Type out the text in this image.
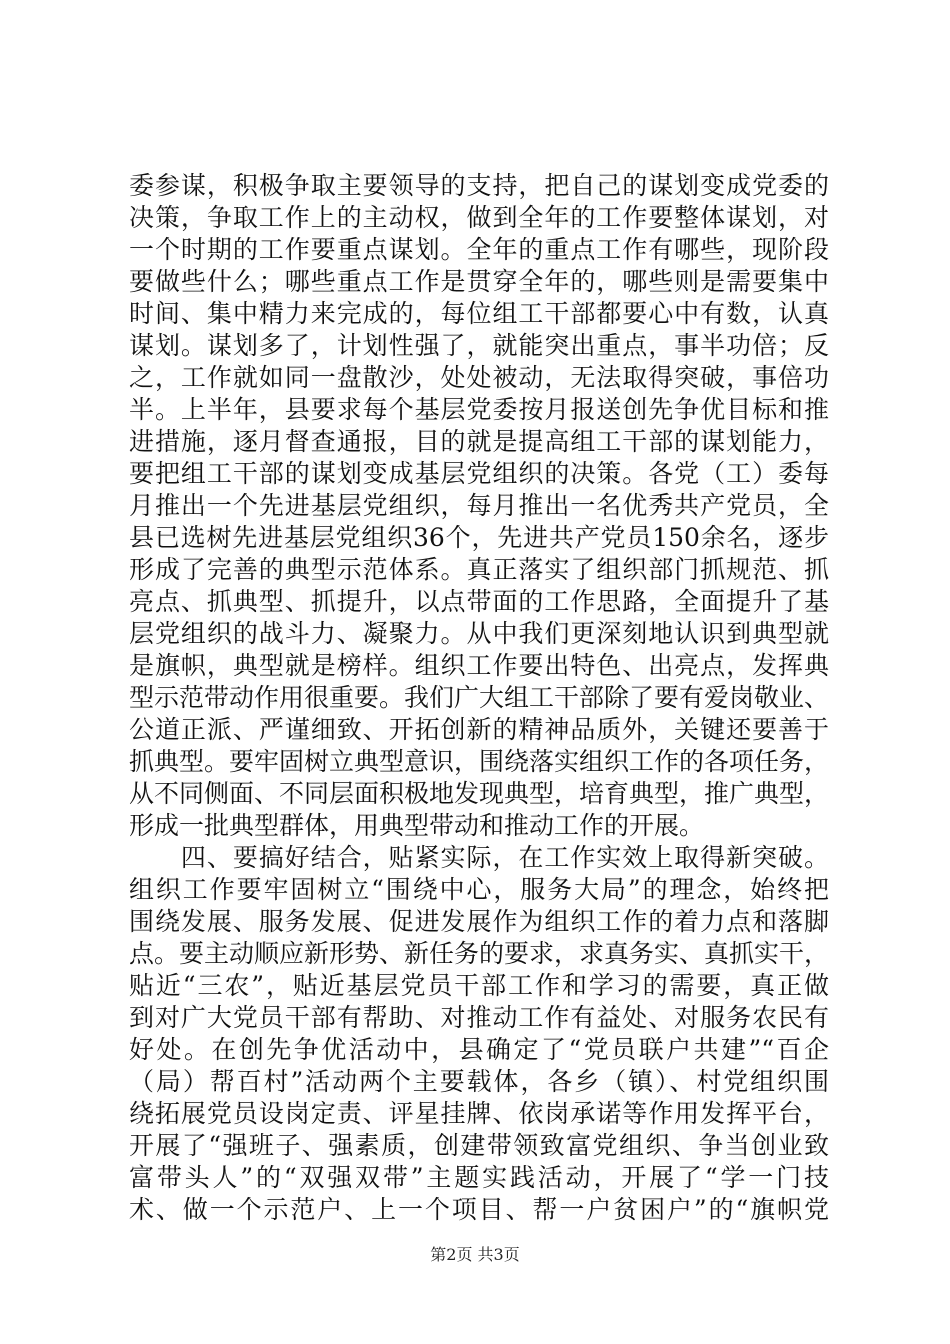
委参谋，积极争取主要领导的支持，把自己的谋划变成党委的
决策，争取工作上的主动权，做到全年的工作要整体谋划，对
一个时期的工作要重点谋划。全年的重点工作有哪些，现阶段
要做些什么；哪些重点工作是贯穿全年的，哪些则是需要集中
时间、集中精力来完成的，每位组工干部都要心中有数，认真
谋划。谋划多了，计划性强了，就能突出重点，事半功倍；反
之，工作就如同一盘散沙，处处被动，无法取得突破，事倍功
半。上半年，县要求每个基层党委按月报送创先争优目标和推
进措施，逐月督查通报，目的就是提高组工干部的谋划能力，
要把组工干部的谋划变成基层党组织的决策。各党（工）委每
月推出一个先进基层党组织，每月推出一名优秀共产党员，全
县已选树先进基层党组织36个，先进共产党员150余名，逐步
形成了完善的典型示范体系。真正落实了组织部门抓规范、抓
亮点、抓典型、抓提升，以点带面的工作思路，全面提升了基
层党组织的战斗力、凝聚力。从中我们更深刻地认识到典型就
是旗帜，典型就是榜样。组织工作要出特色、出亮点，发挥典
型示范带动作用很重要。我们广大组工干部除了要有爱岗敬业、
公道正派、严谨细致、开拓创新的精神品质外，关键还要善于
抓典型。要牢固树立典型意识，围绕落实组织工作的各项任务，
从不同侧面、不同层面积极地发现典型，培育典型，推广典型，
形成一批典型群体，用典型带动和推动工作的开展。
　　四、要搞好结合，贴紧实际，在工作实效上取得新突破。
组织工作要牢固树立“围绕中心，服务大局”的理念，始终把
围绕发展、服务发展、促进发展作为组织工作的着力点和落脚
点。要主动顺应新形势、新任务的要求，求真务实、真抓实干，
贴近“三农”，贴近基层党员干部工作和学习的需要，真正做
到对广大党员干部有帮助、对推动工作有益处、对服务农民有
好处。在创先争优活动中，县确定了“党员联户共建”“百企
（局）帮百村”活动两个主要载体，各乡（镇）、村党组织围
绕拓展党员设岗定责、评星挂牌、依岗承诺等作用发挥平台，
开展了“强班子、强素质，创建带领致富党组织、争当创业致
富带头人”的“双强双带”主题实践活动，开展了“学一门技
术、做一个示范户、上一个项目、帮一户贫困户”的“旗帜党
第2页 共3页
